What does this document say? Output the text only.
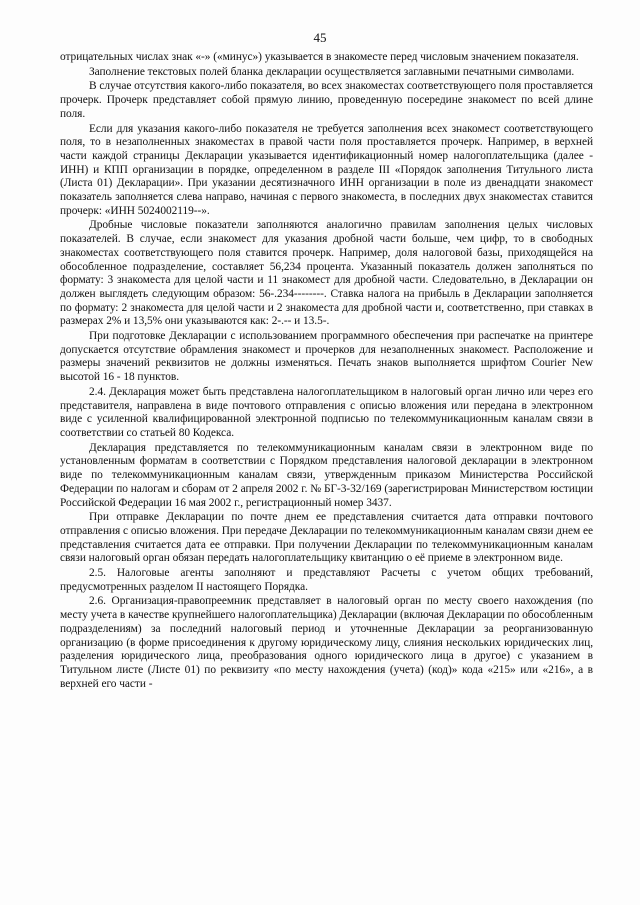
45

отрицательных числах знак «-» («минус») указывается в знакоместе перед числовым значением показателя.

Заполнение текстовых полей бланка декларации осуществляется заглавными печатными символами.

В случае отсутствия какого-либо показателя, во всех знакоместах соответствующего поля проставляется прочерк. Прочерк представляет собой прямую линию, проведенную посередине знакомест по всей длине поля.

Если для указания какого-либо показателя не требуется заполнения всех знакомест соответствующего поля, то в незаполненных знакоместах в правой части поля проставляется прочерк. Например, в верхней части каждой страницы Декларации указывается идентификационный номер налогоплательщика (далее - ИНН) и КПП организации в порядке, определенном в разделе III «Порядок заполнения Титульного листа (Листа 01) Декларации». При указании десятизначного ИНН организации в поле из двенадцати знакомест показатель заполняется слева направо, начиная с первого знакоместа, в последних двух знакоместах ставится прочерк: «ИНН 5024002119--».

Дробные числовые показатели заполняются аналогично правилам заполнения целых числовых показателей. В случае, если знакомест для указания дробной части больше, чем цифр, то в свободных знакоместах соответствующего поля ставится прочерк. Например, доля налоговой базы, приходящейся на обособленное подразделение, составляет 56,234 процента. Указанный показатель должен заполняться по формату: 3 знакоместа для целой части и 11 знакомест для дробной части. Следовательно, в Декларации он должен выглядеть следующим образом: 56-.234--------. Ставка налога на прибыль в Декларации заполняется по формату: 2 знакоместа для целой части и 2 знакоместа для дробной части и, соответственно, при ставках в размерах 2% и 13,5% они указываются как: 2-.-- и 13.5-.

При подготовке Декларации с использованием программного обеспечения при распечатке на принтере допускается отсутствие обрамления знакомест и прочерков для незаполненных знакомест. Расположение и размеры значений реквизитов не должны изменяться. Печать знаков выполняется шрифтом Courier New высотой 16 - 18 пунктов.

2.4. Декларация может быть представлена налогоплательщиком в налоговый орган лично или через его представителя, направлена в виде почтового отправления с описью вложения или передана в электронном виде с усиленной квалифицированной электронной подписью по телекоммуникационным каналам связи в соответствии со статьей 80 Кодекса.

Декларация представляется по телекоммуникационным каналам связи в электронном виде по установленным форматам в соответствии с Порядком представления налоговой декларации в электронном виде по телекоммуникационным каналам связи, утвержденным приказом Министерства Российской Федерации по налогам и сборам от 2 апреля 2002 г. № БГ-3-32/169 (зарегистрирован Министерством юстиции Российской Федерации 16 мая 2002 г., регистрационный номер 3437.

При отправке Декларации по почте днем ее представления считается дата отправки почтового отправления с описью вложения. При передаче Декларации по телекоммуникационным каналам связи днем ее представления считается дата ее отправки. При получении Декларации по телекоммуникационным каналам связи налоговый орган обязан передать налогоплательщику квитанцию о её приеме в электронном виде.

2.5. Налоговые агенты заполняют и представляют Расчеты с учетом общих требований, предусмотренных разделом II настоящего Порядка.

2.6. Организация-правопреемник представляет в налоговый орган по месту своего нахождения (по месту учета в качестве крупнейшего налогоплательщика) Декларации (включая Декларации по обособленным подразделениям) за последний налоговый период и уточненные Декларации за реорганизованную организацию (в форме присоединения к другому юридическому лицу, слияния нескольких юридических лиц, разделения юридического лица, преобразования одного юридического лица в другое) с указанием в Титульном листе (Листе 01) по реквизиту «по месту нахождения (учета) (код)» кода «215» или «216», а в верхней его части -
